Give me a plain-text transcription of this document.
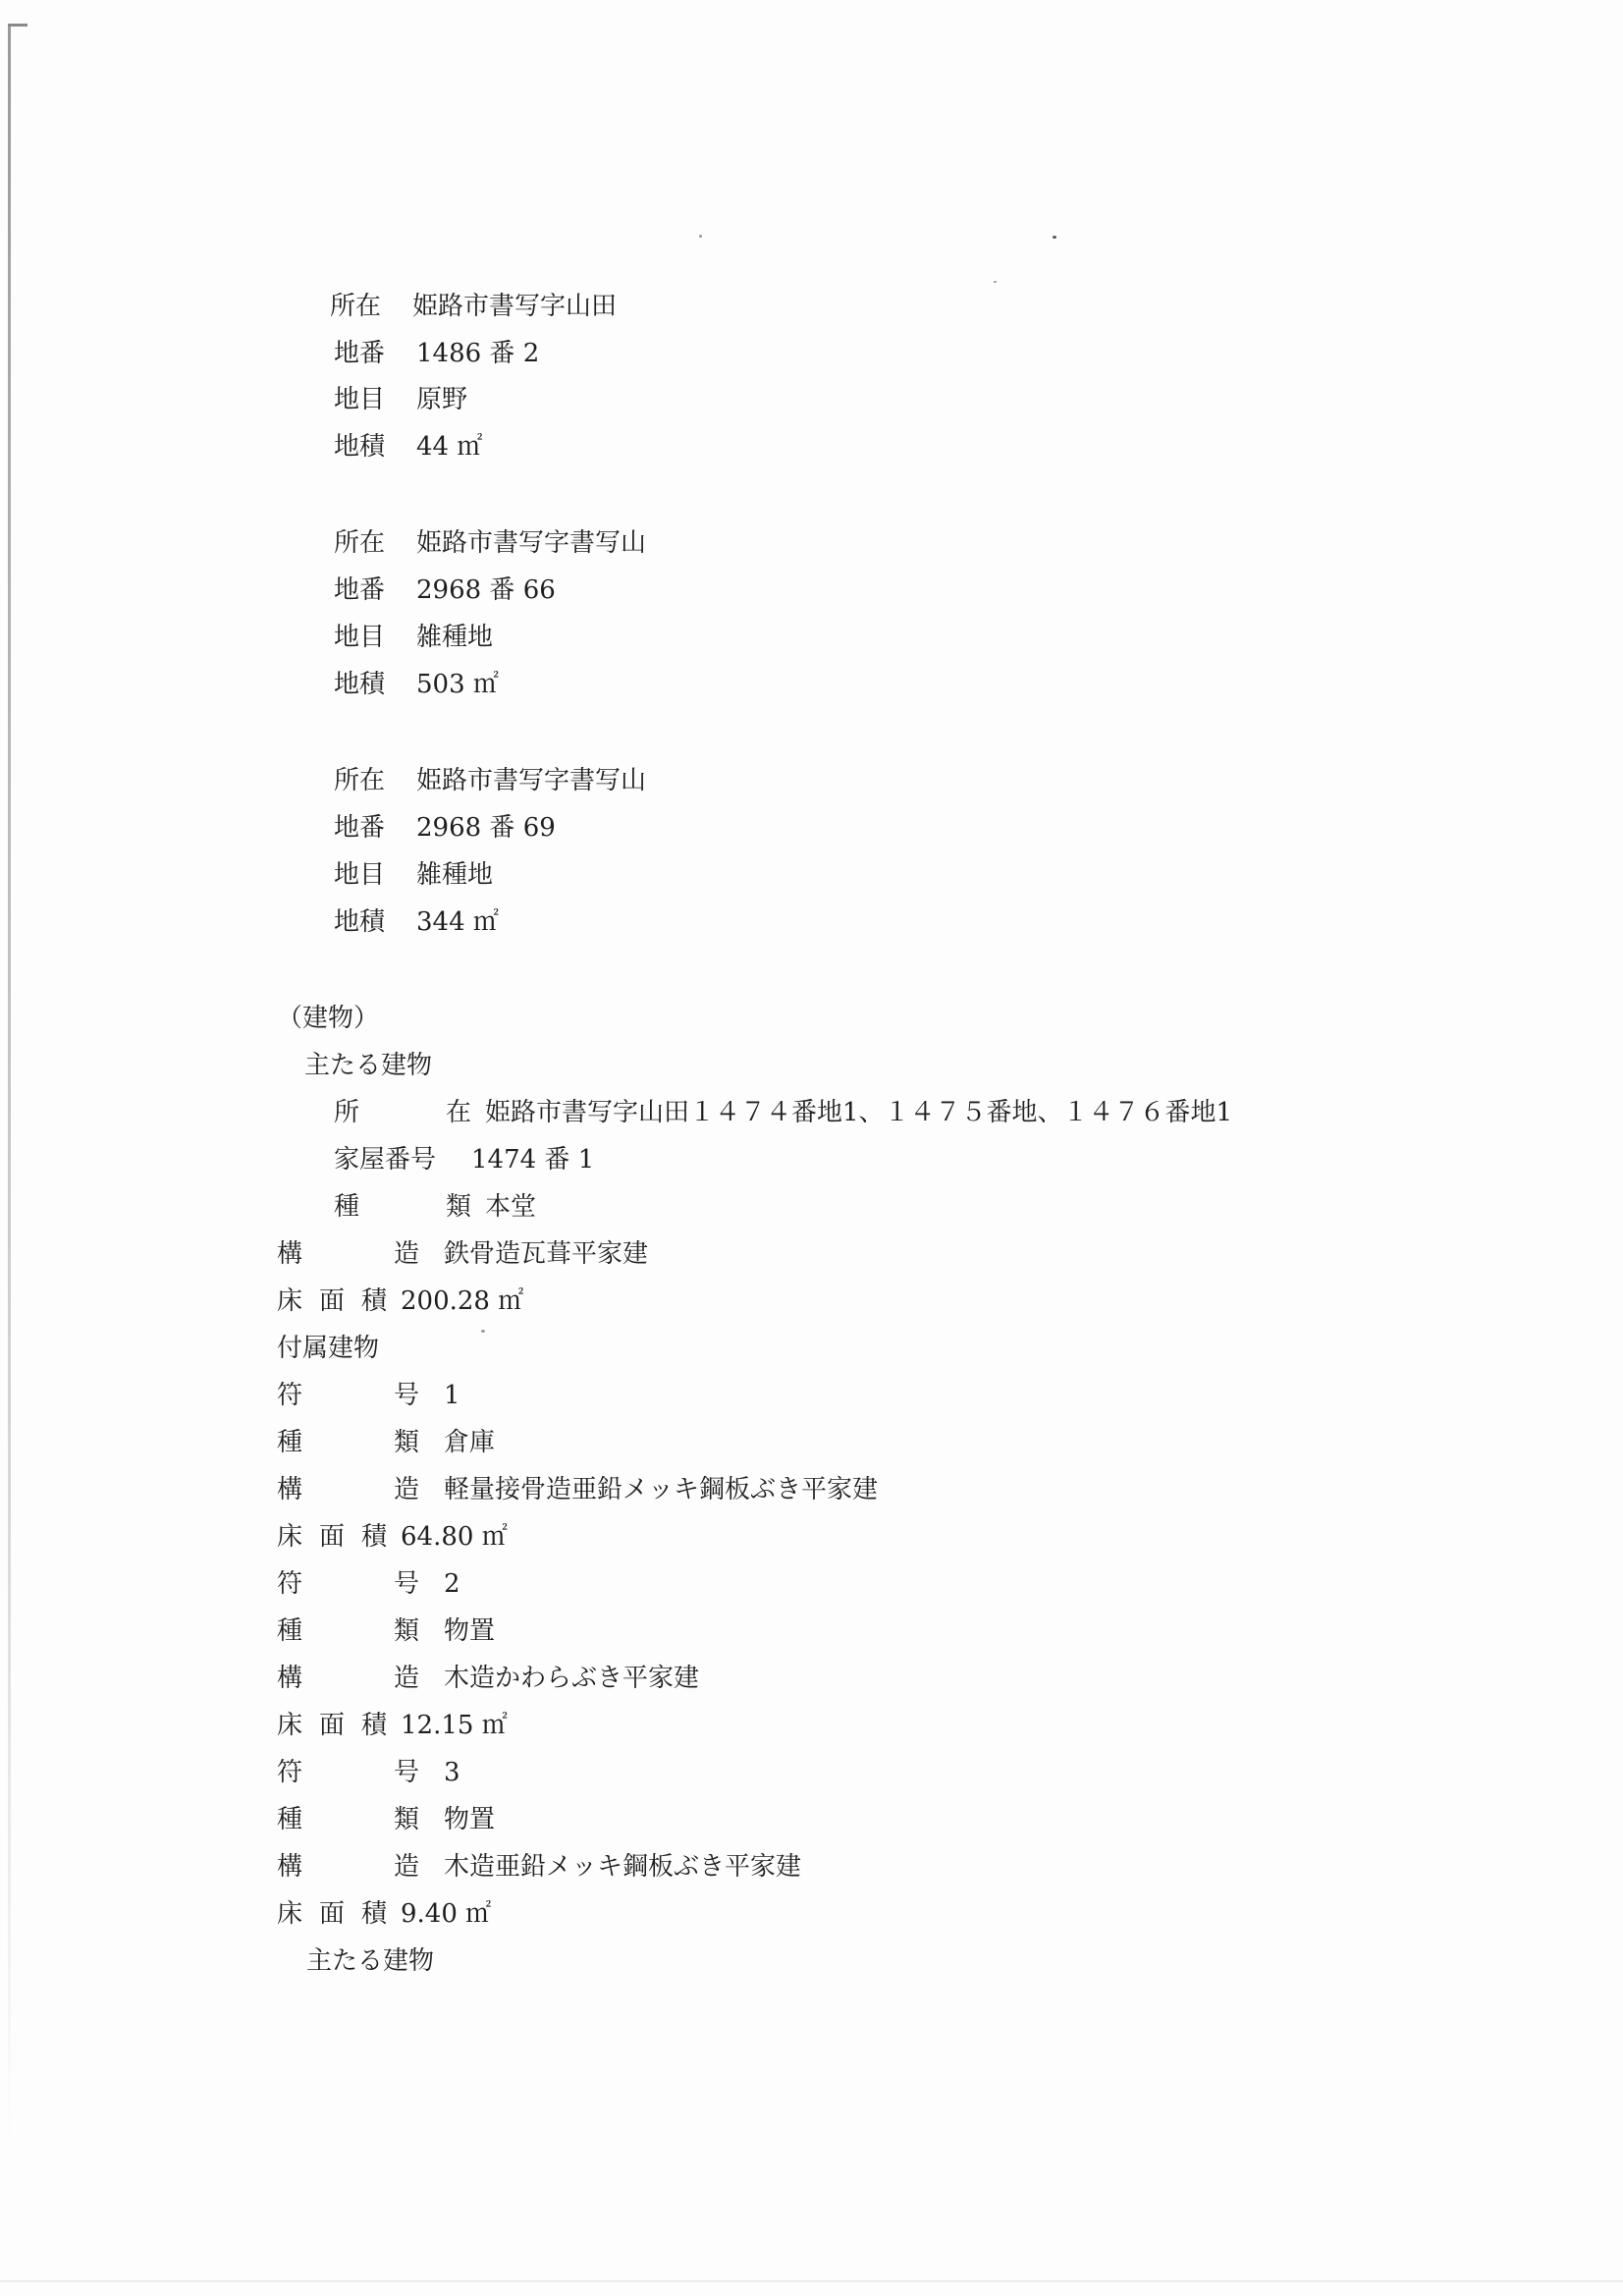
所在 姫路市書写字山田
地番 1486 番 2
地目 原野
地積 44 ㎡
所在 姫路市書写字書写山
地番 2968 番 66
地目 雑種地
地積 503 ㎡
所在 姫路市書写字書写山
地番 2968 番 69
地目 雑種地
地積 344 ㎡
（建物）
主たる建物
所	在 姫路市書写字山田１４７４番地1、１４７５番地、１４７６番地1
家屋番号 1474 番 1
種	類 本堂
構	造 鉄骨造瓦葺平家建
床 面 積 200.28 ㎡
付属建物
符	号 1
種	類 倉庫
構	造 軽量接骨造亜鉛メッキ鋼板ぶき平家建
床 面 積 64.80 ㎡
符	号 2
種	類 物置
構	造 木造かわらぶき平家建
床 面 積 12.15 ㎡
符	号 3
種	類 物置
構	造 木造亜鉛メッキ鋼板ぶき平家建
床 面 積 9.40 ㎡
主たる建物
